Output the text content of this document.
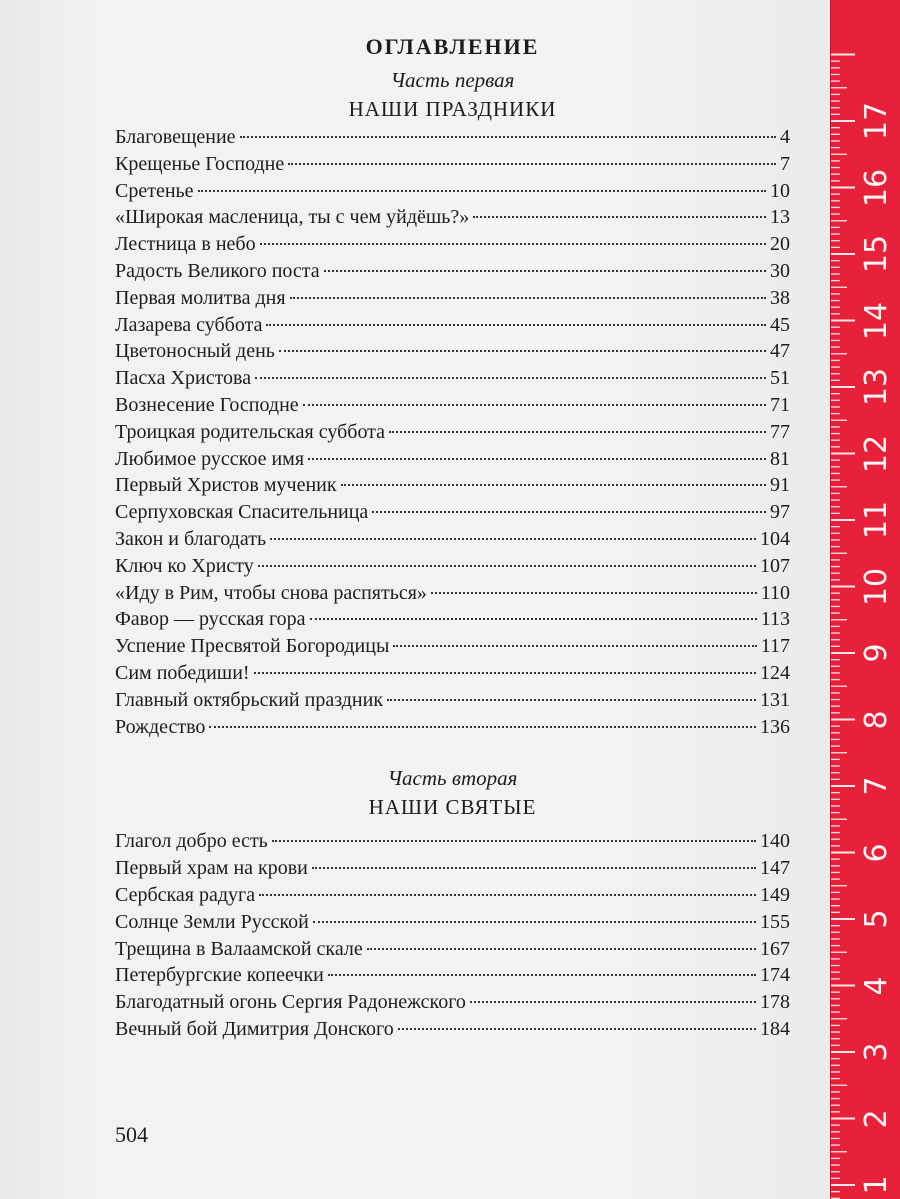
ОГЛАВЛЕНИЕ
Часть первая
НАШИ ПРАЗДНИКИ
Благовещение	4
Крещенье Господне	7
Сретенье	10
«Широкая масленица, ты с чем уйдёшь?»	13
Лестница в небо	20
Радость Великого поста	30
Первая молитва дня	38
Лазарева суббота	45
Цветоносный день	47
Пасха Христова	51
Вознесение Господне	71
Троицкая родительская суббота	77
Любимое русское имя	81
Первый Христов мученик	91
Серпуховская Спасительница	97
Закон и благодать	104
Ключ ко Христу	107
«Иду в Рим, чтобы снова распяться»	110
Фавор — русская гора	113
Успение Пресвятой Богородицы	117
Сим победиши!	124
Главный октябрьский праздник	131
Рождество	136
Часть вторая
НАШИ СВЯТЫЕ
Глагол добро есть	140
Первый храм на крови	147
Сербская радуга	149
Солнце Земли Русской	155
Трещина в Валаамской скале	167
Петербургские копеечки	174
Благодатный огонь Сергия Радонежского	178
Вечный бой Димитрия Донского	184
504
1
2
3
4
5
6
7
8
9
10
11
12
13
14
15
16
17
